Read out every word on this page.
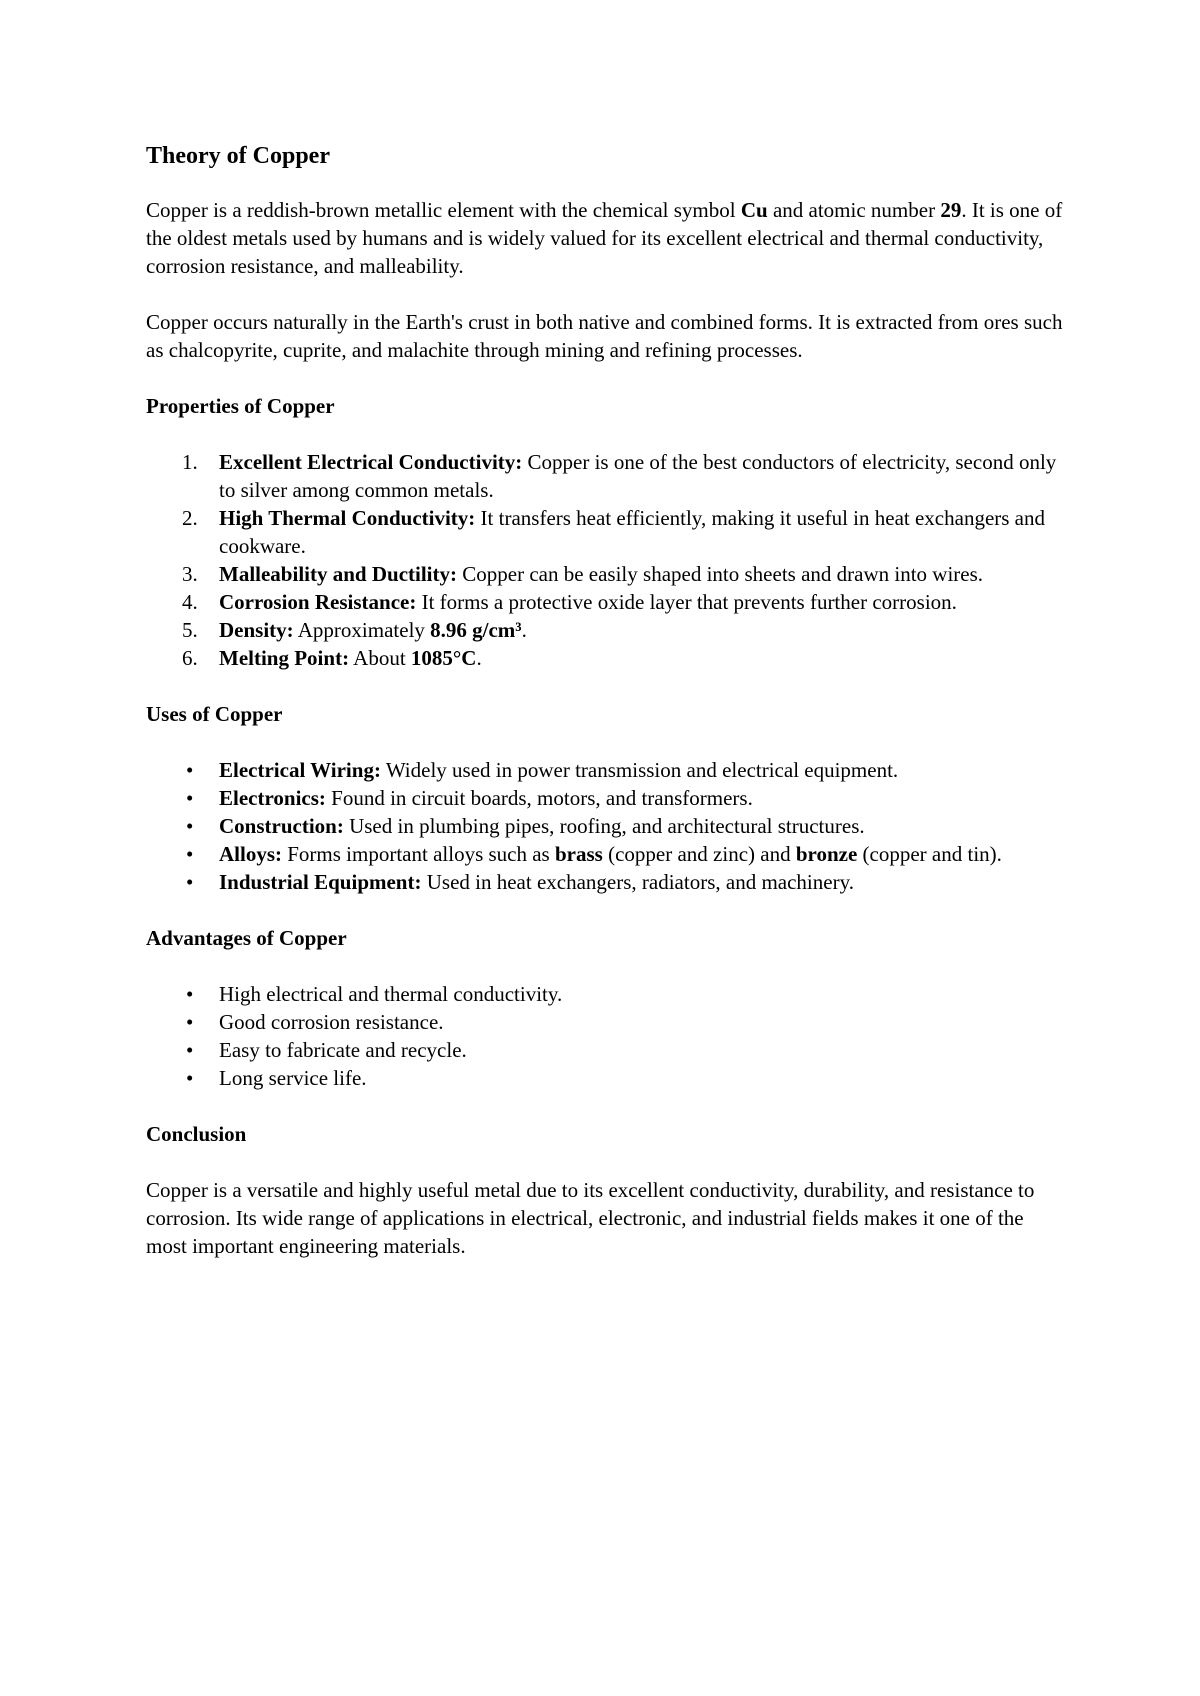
Theory of Copper

Copper is a reddish-brown metallic element with the chemical symbol Cu and atomic number 29. It is one of the oldest metals used by humans and is widely valued for its excellent electrical and thermal conductivity, corrosion resistance, and malleability.

Copper occurs naturally in the Earth's crust in both native and combined forms. It is extracted from ores such as chalcopyrite, cuprite, and malachite through mining and refining processes.

Properties of Copper
1.	Excellent Electrical Conductivity: Copper is one of the best conductors of electricity, second only to silver among common metals.
2.	High Thermal Conductivity: It transfers heat efficiently, making it useful in heat exchangers and cookware.
3.	Malleability and Ductility: Copper can be easily shaped into sheets and drawn into wires.
4.	Corrosion Resistance: It forms a protective oxide layer that prevents further corrosion.
5.	Density: Approximately 8.96 g/cm³.
6.	Melting Point: About 1085°C.
Uses of Copper
• Electrical Wiring: Widely used in power transmission and electrical equipment.
• Electronics: Found in circuit boards, motors, and transformers.
• Construction: Used in plumbing pipes, roofing, and architectural structures.
• Alloys: Forms important alloys such as brass (copper and zinc) and bronze (copper and tin).
• Industrial Equipment: Used in heat exchangers, radiators, and machinery.
Advantages of Copper
• High electrical and thermal conductivity.
• Good corrosion resistance.
• Easy to fabricate and recycle.
• Long service life.
Conclusion

Copper is a versatile and highly useful metal due to its excellent conductivity, durability, and resistance to corrosion. Its wide range of applications in electrical, electronic, and industrial fields makes it one of the most important engineering materials.
